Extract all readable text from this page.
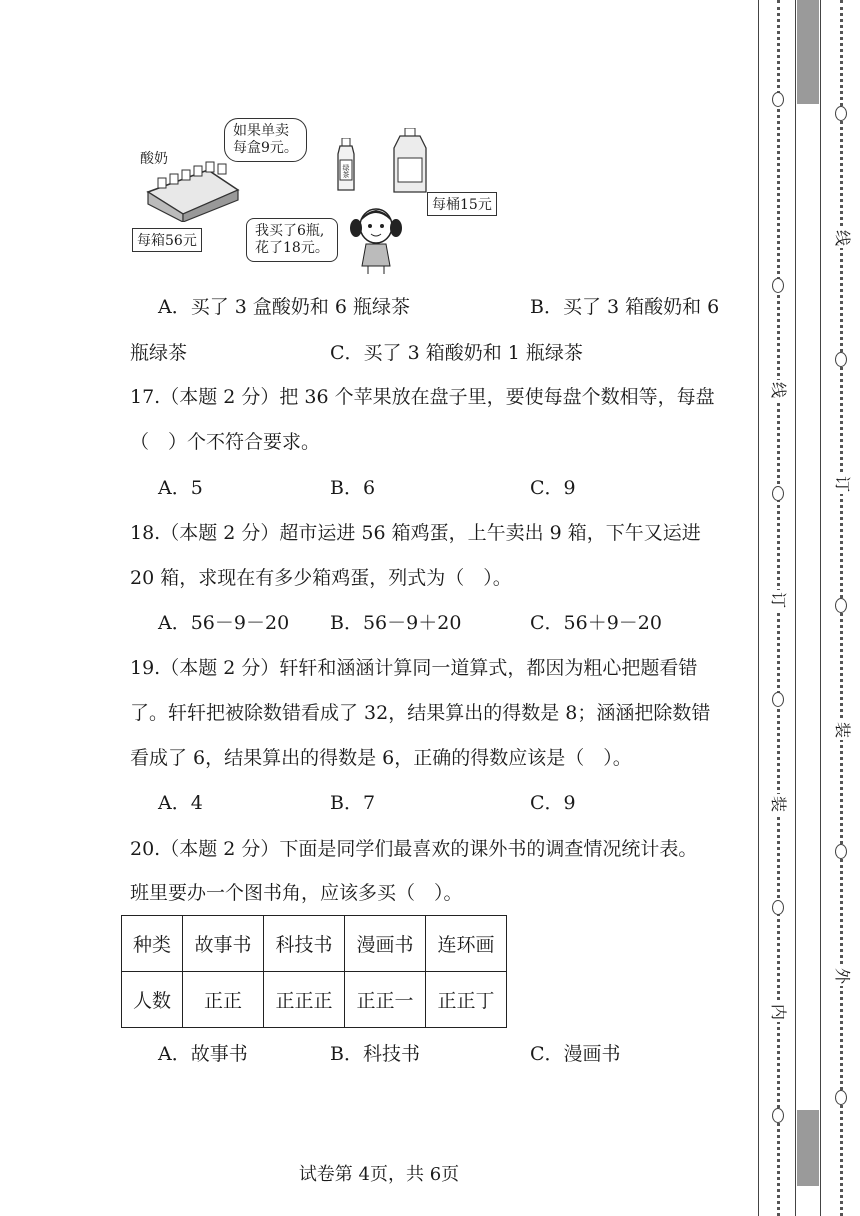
酸奶
每箱56元
如果单卖
每盒9元。
绿茶
每桶15元
我买了6瓶,
花了18元。
A．买了 3 盒酸奶和 6 瓶绿茶	B．买了 3 箱酸奶和 6
瓶绿茶	C．买了 3 箱酸奶和 1 瓶绿茶
17.（本题 2 分）把 36 个苹果放在盘子里，要使每盘个数相等，每盘
（　）个不符合要求。
A．5	B．6	C．9
18.（本题 2 分）超市运进 56 箱鸡蛋，上午卖出 9 箱，下午又运进
20 箱，求现在有多少箱鸡蛋，列式为（　）。
A．56－9－20 B．56－9＋20	C．56＋9－20
19.（本题 2 分）轩轩和涵涵计算同一道算式，都因为粗心把题看错
了。轩轩把被除数错看成了 32，结果算出的得数是 8；涵涵把除数错
看成了 6，结果算出的得数是 6，正确的得数应该是（　）。
A．4	B．7	C．9
20.（本题 2 分）下面是同学们最喜欢的课外书的调查情况统计表。
班里要办一个图书角，应该多买（　）。
种类	故事书	科技书	漫画书	连环画
人数	正正	正正正	正正一	正正丁
A．故事书	B．科技书	C．漫画书
试卷第 4页，共 6页
线
订
装
内
线
订
装
外
